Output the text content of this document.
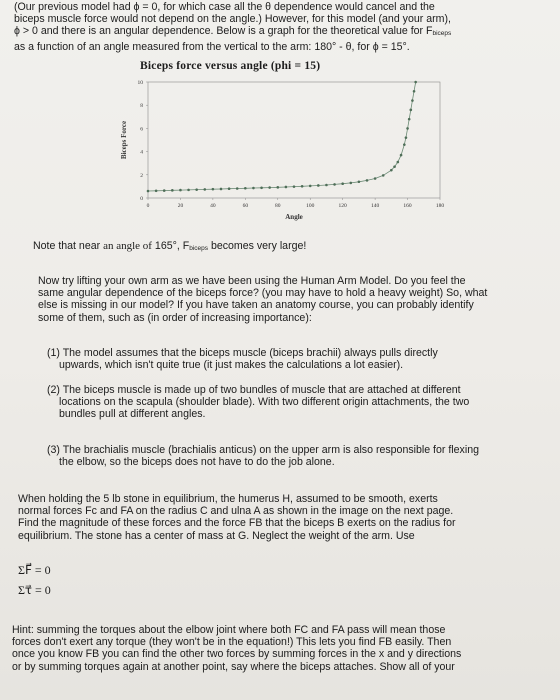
(Our previous model had ϕ = 0, for which case all the θ dependence would cancel and the
biceps muscle force would not depend on the angle.) However, for this model (and your arm),
ϕ > 0 and there is an angular dependence. Below is a graph for the theoretical value for $F_{biceps}$
as a function of an angle measured from the vertical to the arm: 180° - θ, for ϕ = 15°.
Biceps force versus angle (phi = 15)
0	20	40	60	80	100	120	140	160	180
0
2
4
6
8
10
Biceps Force
Angle
Note that near an angle of 165°, $F_{biceps}$ becomes very large!
Now try lifting your own arm as we have been using the Human Arm Model. Do you feel the
same angular dependence of the biceps force? (you may have to hold a heavy weight) So, what
else is missing in our model? If you have taken an anatomy course, you can probably identify
some of them, such as (in order of increasing importance):
(1) The model assumes that the biceps muscle (biceps brachii) always pulls directly
upwards, which isn't quite true (it just makes the calculations a lot easier).
(2) The biceps muscle is made up of two bundles of muscle that are attached at different
locations on the scapula (shoulder blade). With two different origin attachments, the two
bundles pull at different angles.
(3) The brachialis muscle (brachialis anticus) on the upper arm is also responsible for flexing
the elbow, so the biceps does not have to do the job alone.
When holding the 5 lb stone in equilibrium, the humerus H, assumed to be smooth, exerts
normal forces Fc and FA on the radius C and ulna A as shown in the image on the next page.
Find the magnitude of these forces and the force FB that the biceps B exerts on the radius for
equilibrium. The stone has a center of mass at G. Neglect the weight of the arm. Use
ΣF⃗ = 0
Στ⃗ = 0
Hint: summing the torques about the elbow joint where both FC and FA pass will mean those
forces don't exert any torque (they won't be in the equation!) This lets you find FB easily. Then
once you know FB you can find the other two forces by summing forces in the x and y directions
or by summing torques again at another point, say where the biceps attaches. Show all of your
